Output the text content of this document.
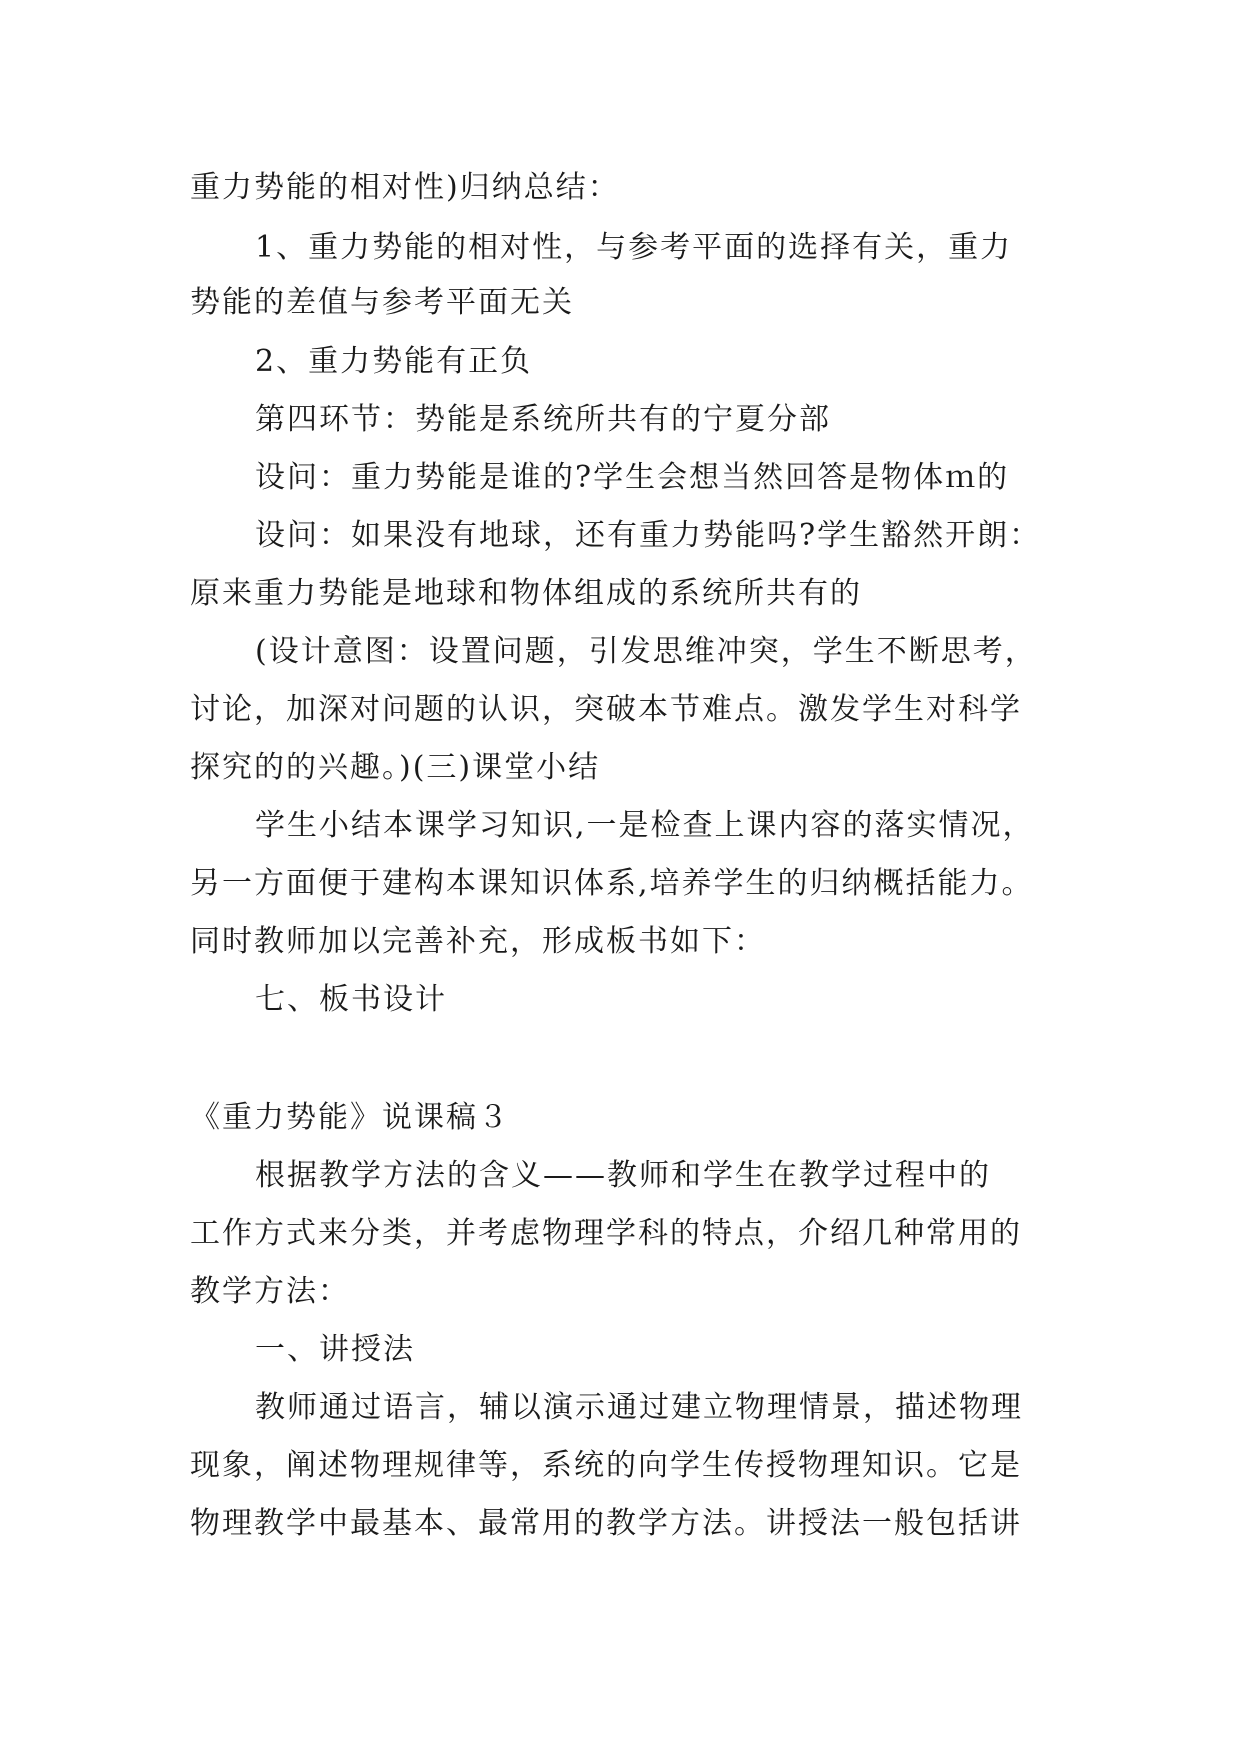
重力势能的相对性)归纳总结：
1、重力势能的相对性，与参考平面的选择有关，重力
势能的差值与参考平面无关
2、重力势能有正负
第四环节：势能是系统所共有的宁夏分部
设问：重力势能是谁的?学生会想当然回答是物体ｍ的
设问：如果没有地球，还有重力势能吗?学生豁然开朗：
原来重力势能是地球和物体组成的系统所共有的
(设计意图：设置问题，引发思维冲突，学生不断思考，
讨论，加深对问题的认识，突破本节难点。激发学生对科学
探究的的兴趣。)(三)课堂小结
学生小结本课学习知识,一是检查上课内容的落实情况，
另一方面便于建构本课知识体系,培养学生的归纳概括能力。
同时教师加以完善补充，形成板书如下：
七、板书设计
《重力势能》说课稿３
根据教学方法的含义——教师和学生在教学过程中的
工作方式来分类，并考虑物理学科的特点，介绍几种常用的
教学方法：
一、讲授法
教师通过语言，辅以演示通过建立物理情景，描述物理
现象，阐述物理规律等，系统的向学生传授物理知识。它是
物理教学中最基本、最常用的教学方法。讲授法一般包括讲
